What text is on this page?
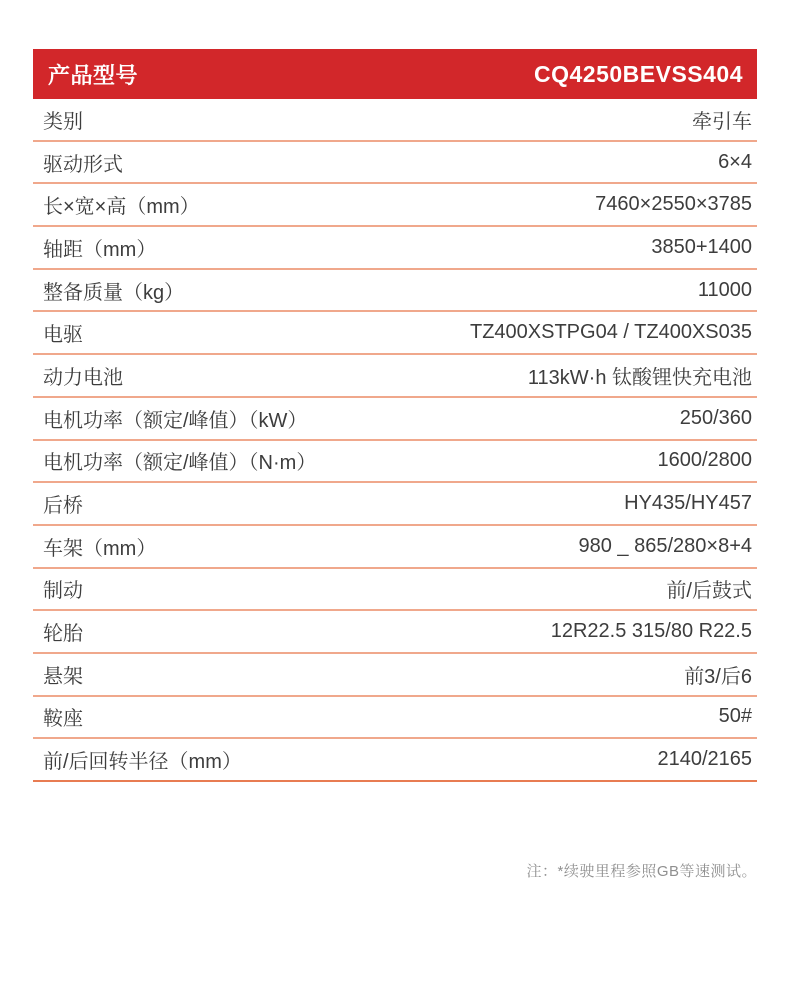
产品型号	CQ4250BEVSS404
类别	牵引车
驱动形式	6×4
长×宽×高（mm）	7460×2550×3785
轴距（mm）	3850+1400
整备质量（kg）	11000
电驱	TZ400XSTPG04 / TZ400XS035
动力电池	113kW·h 钛酸锂快充电池
电机功率（额定/峰值）（kW）	250/360
电机功率（额定/峰值）（N·m）	1600/2800
后桥	HY435/HY457
车架（mm）	980 _ 865/280×8+4
制动	前/后鼓式
轮胎	12R22.5 315/80 R22.5
悬架	前3/后6
鞍座	50#
前/后回转半径（mm）	2140/2165
注：*续驶里程参照GB等速测试。
